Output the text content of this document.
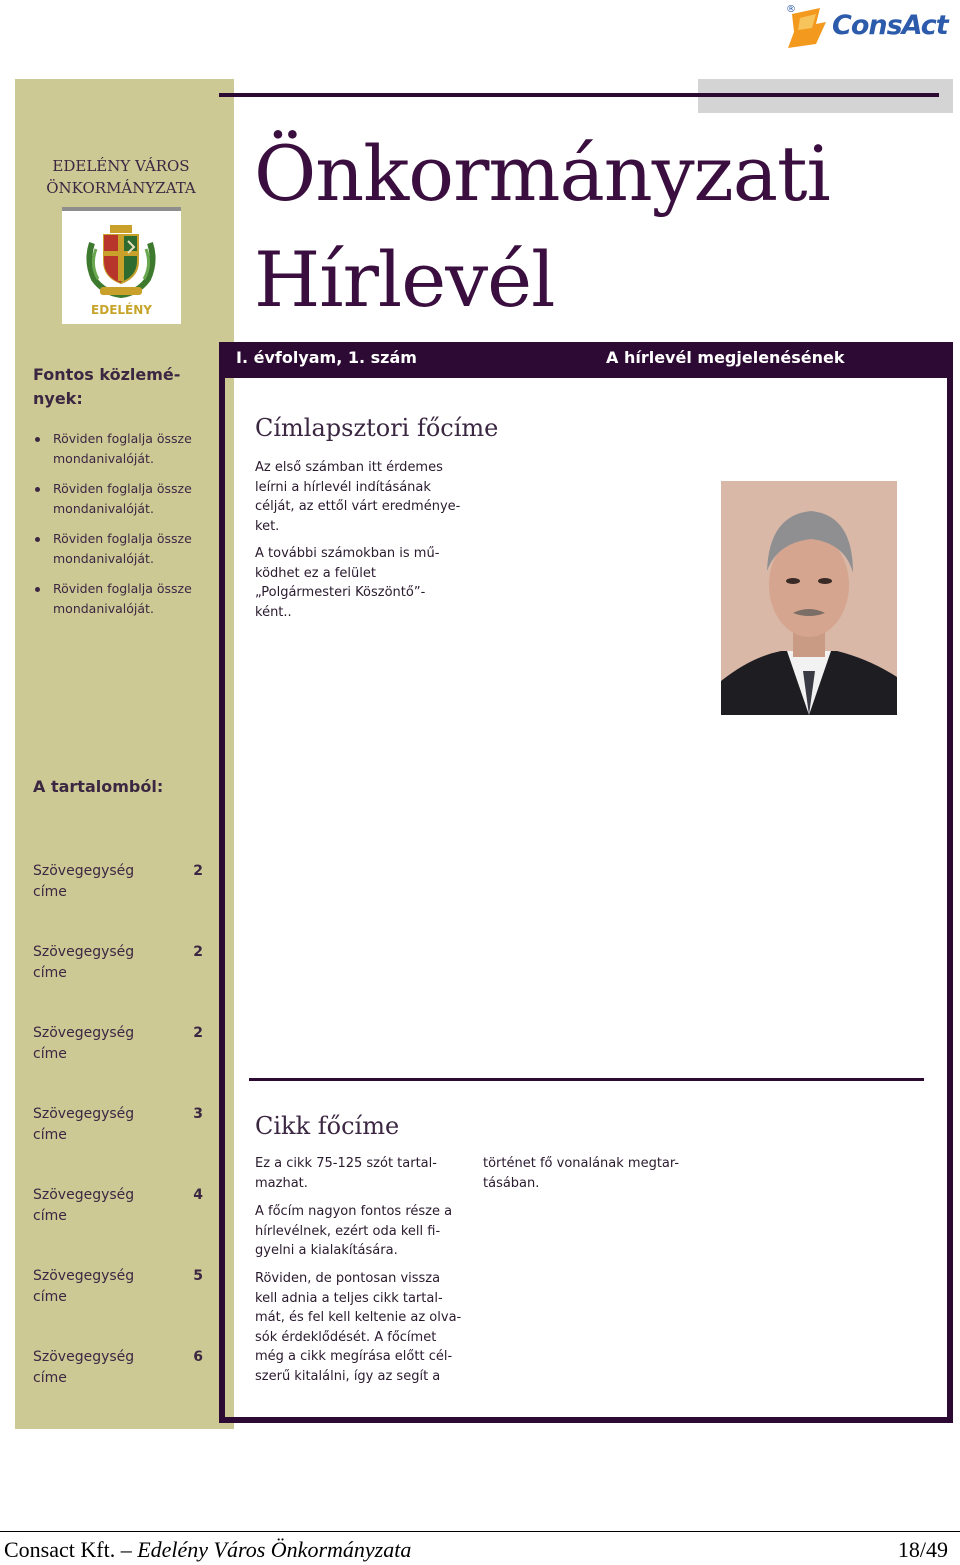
®
ConsAct
EDELÉNY VÁROS
ÖNKORMÁNYZATA
EDELÉNY
Fontos közlemé-
nyek:
Röviden foglalja össze mondanivalóját.
Röviden foglalja össze mondanivalóját.
Röviden foglalja össze mondanivalóját.
Röviden foglalja össze mondanivalóját.
A tartalomból:
Szövegegység címe
2
Szövegegység címe
2
Szövegegység címe
2
Szövegegység címe
3
Szövegegység címe
4
Szövegegység címe
5
Szövegegység címe
6
Önkormányzati
Hírlevél
I. évfolyam, 1. szám	A hírlevél megjelenésének
Címlapsztori főcíme
Az első számban itt érdemes leírni a hírlevél indításának célját, az ettől várt eredménye-ket.
A további számokban is mű-ködhet ez a felület „Polgármesteri Köszöntő”-ként..
Cikk főcíme
Ez a cikk 75-125 szót tartal-mazhat.
A főcím nagyon fontos része a hírlevélnek, ezért oda kell fi-gyelni a kialakítására.
Röviden, de pontosan vissza kell adnia a teljes cikk tartal-mát, és fel kell keltenie az olva-sók érdeklődését. A főcímet még a cikk megírása előtt cél-szerű kitalálni, így az segít a
történet fő vonalának megtar-tásában.
Consact Kft. – Edelény Város Önkormányzata	18/49
